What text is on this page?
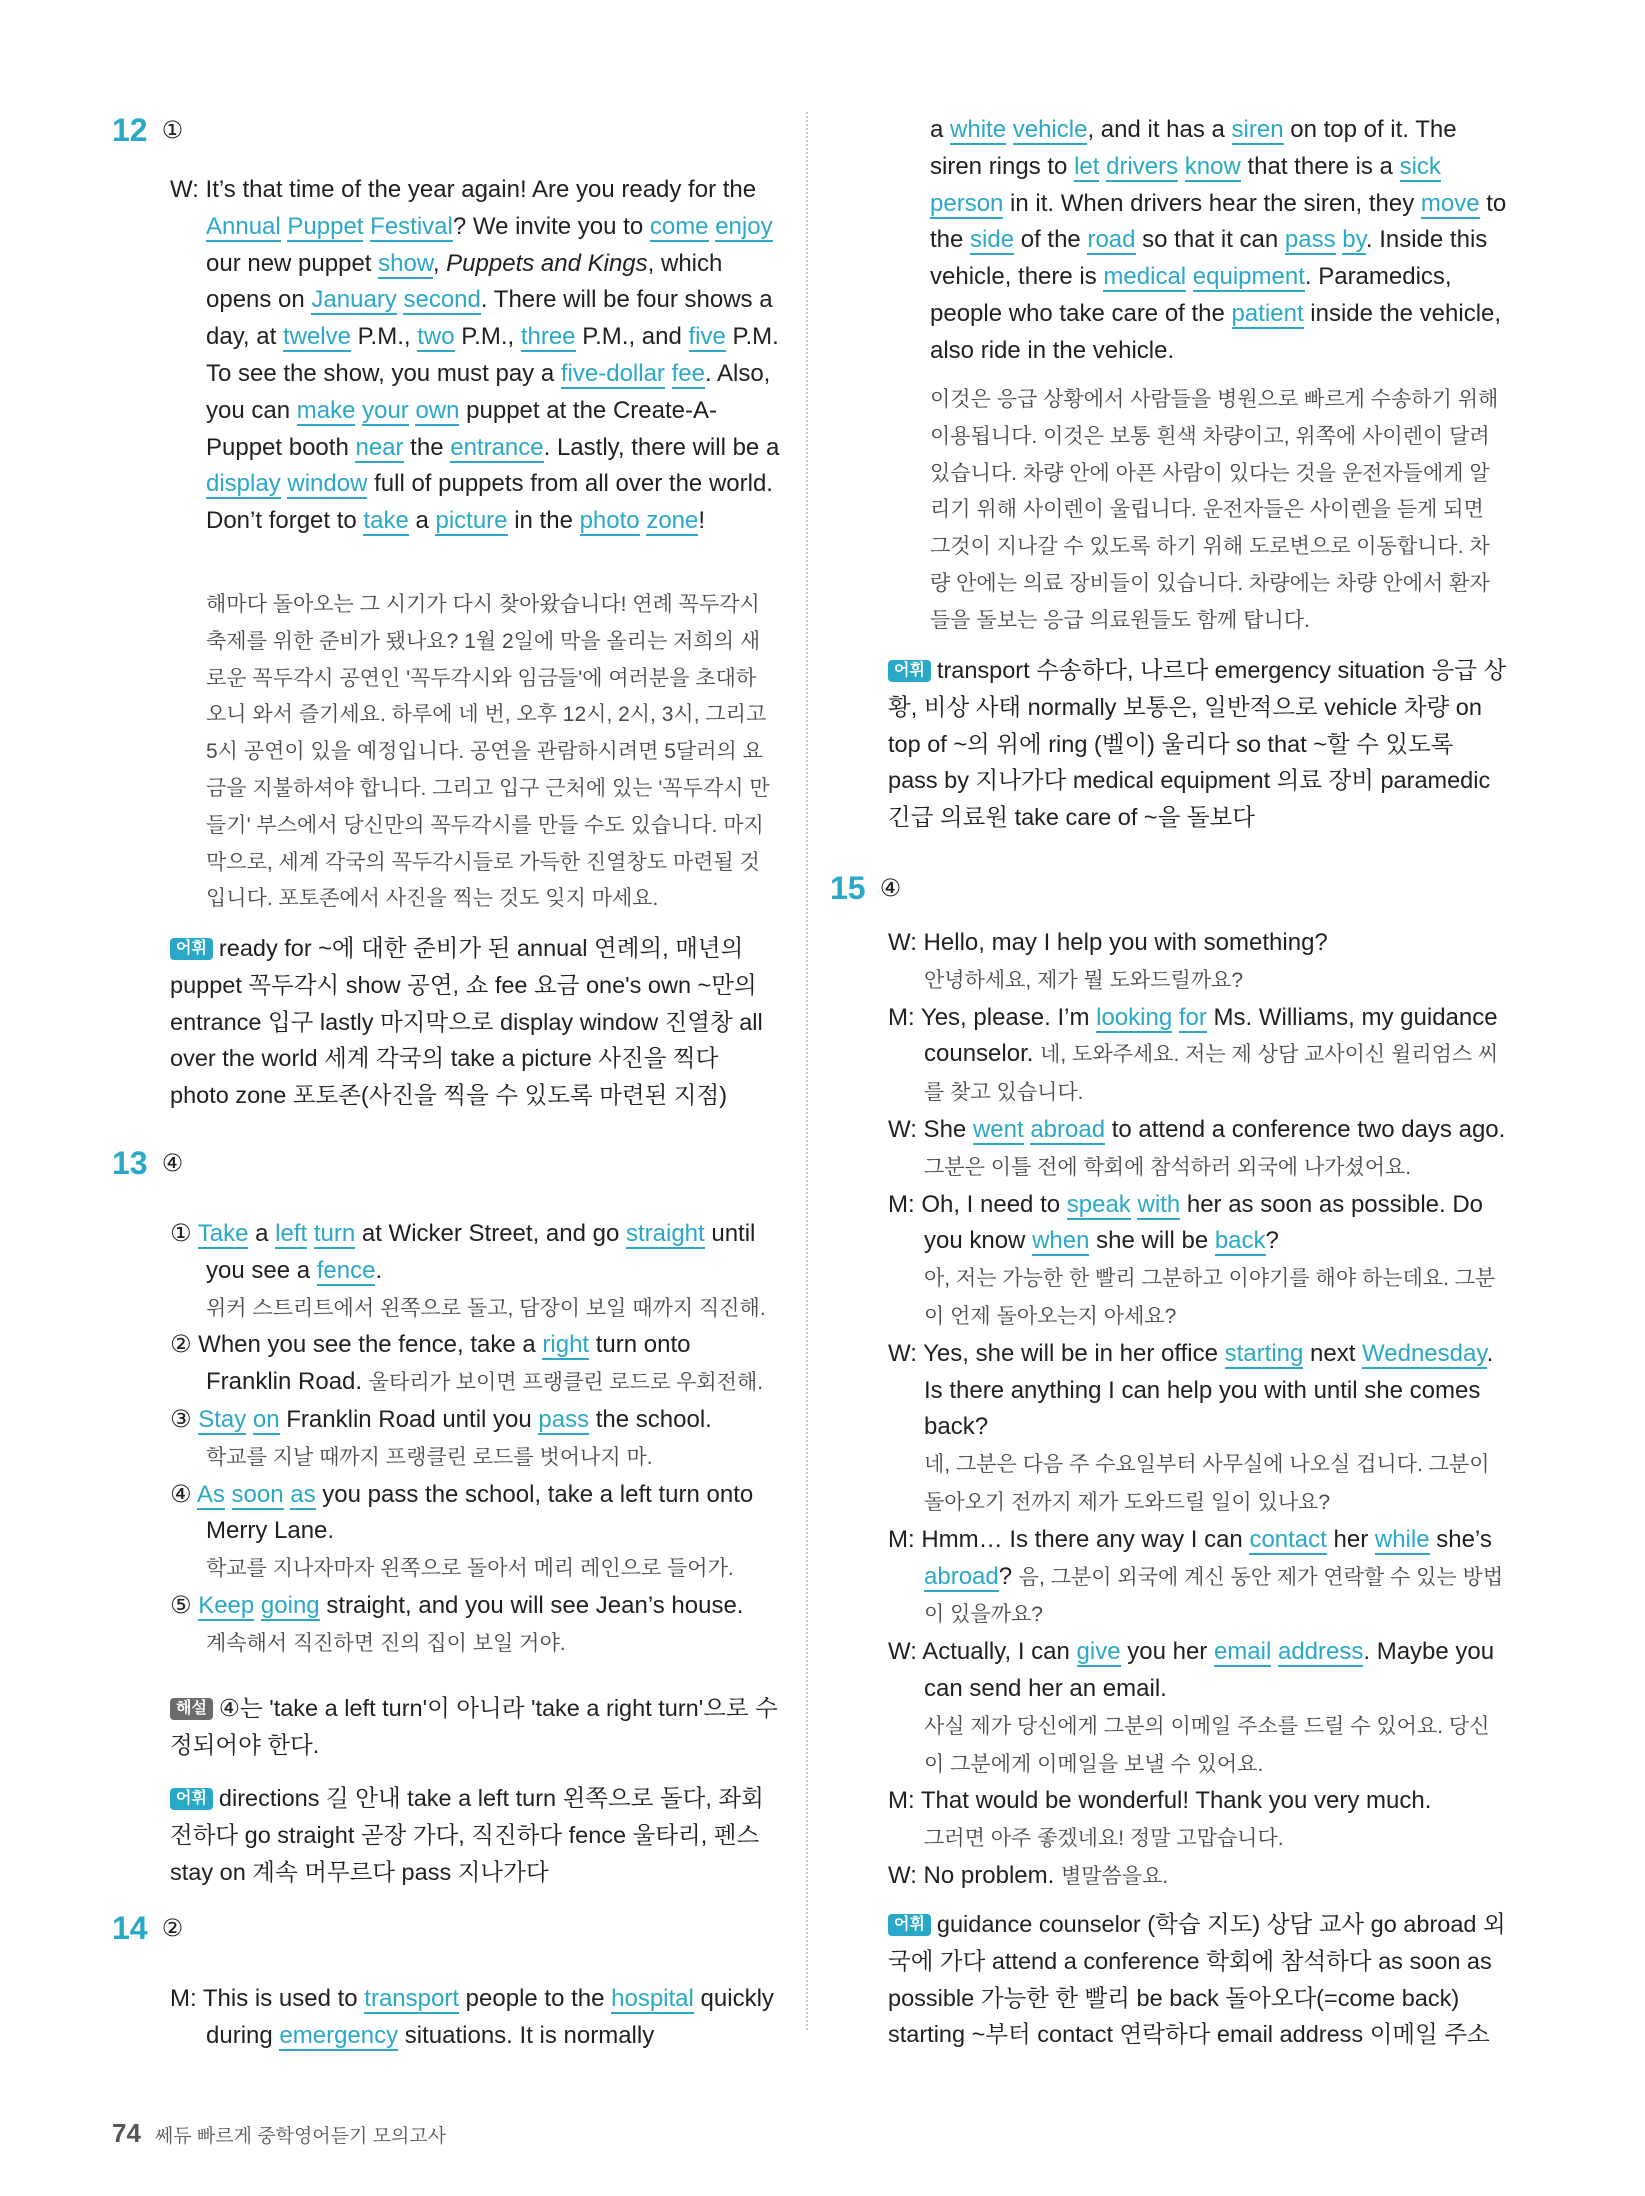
12 ①
W: It’s that time of the year again! Are you ready for the Annual Puppet Festival? We invite you to come enjoy our new puppet show, Puppets and Kings, which opens on January second. There will be four shows a day, at twelve P.M., two P.M., three P.M., and five P.M. To see the show, you must pay a five-dollar fee. Also, you can make your own puppet at the Create-A-Puppet booth near the entrance. Lastly, there will be a display window full of puppets from all over the world. Don’t forget to take a picture in the photo zone!
해마다 돌아오는 그 시기가 다시 찾아왔습니다! 연례 꼭두각시 축제를 위한 준비가 됐나요? 1월 2일에 막을 올리는 저희의 새로운 꼭두각시 공연인 '꼭두각시와 임금들'에 여러분을 초대하오니 와서 즐기세요. 하루에 네 번, 오후 12시, 2시, 3시, 그리고 5시 공연이 있을 예정입니다. 공연을 관람하시려면 5달러의 요금을 지불하셔야 합니다. 그리고 입구 근처에 있는 '꼭두각시 만들기' 부스에서 당신만의 꼭두각시를 만들 수도 있습니다. 마지막으로, 세계 각국의 꼭두각시들로 가득한 진열창도 마련될 것입니다. 포토존에서 사진을 찍는 것도 잊지 마세요.
어휘 ready for ~에 대한 준비가 된 annual 연례의, 매년의 puppet 꼭두각시 show 공연, 쇼 fee 요금 one's own ~만의 entrance 입구 lastly 마지막으로 display window 진열창 all over the world 세계 각국의 take a picture 사진을 찍다 photo zone 포토존(사진을 찍을 수 있도록 마련된 지점)
13 ④
① Take a left turn at Wicker Street, and go straight until you see a fence.
위커 스트리트에서 왼쪽으로 돌고, 담장이 보일 때까지 직진해.
② When you see the fence, take a right turn onto Franklin Road. 울타리가 보이면 프랭클린 로드로 우회전해.
③ Stay on Franklin Road until you pass the school.
학교를 지날 때까지 프랭클린 로드를 벗어나지 마.
④ As soon as you pass the school, take a left turn onto Merry Lane.
학교를 지나자마자 왼쪽으로 돌아서 메리 레인으로 들어가.
⑤ Keep going straight, and you will see Jean’s house.
계속해서 직진하면 진의 집이 보일 거야.
해설 ④는 'take a left turn'이 아니라 'take a right turn'으로 수정되어야 한다.
어휘 directions 길 안내 take a left turn 왼쪽으로 돌다, 좌회전하다 go straight 곧장 가다, 직진하다 fence 울타리, 펜스 stay on 계속 머무르다 pass 지나가다
14 ②
M: This is used to transport people to the hospital quickly during emergency situations. It is normally
a white vehicle, and it has a siren on top of it. The siren rings to let drivers know that there is a sick person in it. When drivers hear the siren, they move to the side of the road so that it can pass by. Inside this vehicle, there is medical equipment. Paramedics, people who take care of the patient inside the vehicle, also ride in the vehicle.
이것은 응급 상황에서 사람들을 병원으로 빠르게 수송하기 위해 이용됩니다. 이것은 보통 흰색 차량이고, 위쪽에 사이렌이 달려 있습니다. 차량 안에 아픈 사람이 있다는 것을 운전자들에게 알리기 위해 사이렌이 울립니다. 운전자들은 사이렌을 듣게 되면 그것이 지나갈 수 있도록 하기 위해 도로변으로 이동합니다. 차량 안에는 의료 장비들이 있습니다. 차량에는 차량 안에서 환자들을 돌보는 응급 의료원들도 함께 탑니다.
어휘 transport 수송하다, 나르다 emergency situation 응급 상황, 비상 사태 normally 보통은, 일반적으로 vehicle 차량 on top of ~의 위에 ring (벨이) 울리다 so that ~할 수 있도록 pass by 지나가다 medical equipment 의료 장비 paramedic 긴급 의료원 take care of ~을 돌보다
15 ④
W: Hello, may I help you with something?
안녕하세요, 제가 뭘 도와드릴까요?
M: Yes, please. I’m looking for Ms. Williams, my guidance counselor. 네, 도와주세요. 저는 제 상담 교사이신 윌리엄스 씨를 찾고 있습니다.
W: She went abroad to attend a conference two days ago. 그분은 이틀 전에 학회에 참석하러 외국에 나가셨어요.
M: Oh, I need to speak with her as soon as possible. Do you know when she will be back?
아, 저는 가능한 한 빨리 그분하고 이야기를 해야 하는데요. 그분이 언제 돌아오는지 아세요?
W: Yes, she will be in her office starting next Wednesday. Is there anything I can help you with until she comes back?
네, 그분은 다음 주 수요일부터 사무실에 나오실 겁니다. 그분이 돌아오기 전까지 제가 도와드릴 일이 있나요?
M: Hmm… Is there any way I can contact her while she’s abroad? 음, 그분이 외국에 계신 동안 제가 연락할 수 있는 방법이 있을까요?
W: Actually, I can give you her email address. Maybe you can send her an email.
사실 제가 당신에게 그분의 이메일 주소를 드릴 수 있어요. 당신이 그분에게 이메일을 보낼 수 있어요.
M: That would be wonderful! Thank you very much.
그러면 아주 좋겠네요! 정말 고맙습니다.
W: No problem. 별말씀을요.
어휘 guidance counselor (학습 지도) 상담 교사 go abroad 외국에 가다 attend a conference 학회에 참석하다 as soon as possible 가능한 한 빨리 be back 돌아오다(=come back) starting ~부터 contact 연락하다 email address 이메일 주소
74 쎄듀 빠르게 중학영어듣기 모의고사
